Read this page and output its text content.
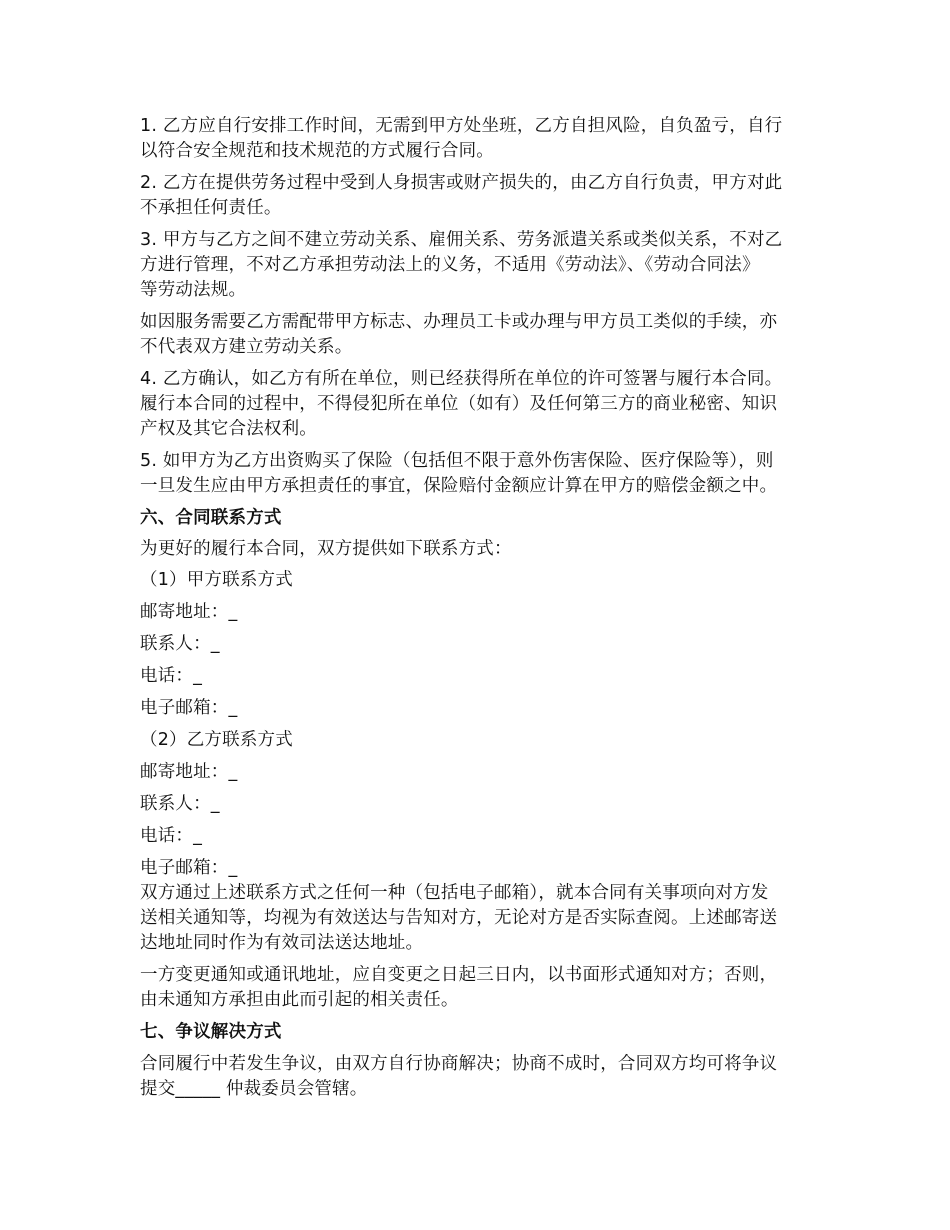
1. 乙方应自行安排工作时间，无需到甲方处坐班，乙方自担风险，自负盈亏，自行
以符合安全规范和技术规范的方式履行合同。
2. 乙方在提供劳务过程中受到人身损害或财产损失的，由乙方自行负责，甲方对此
不承担任何责任。
3. 甲方与乙方之间不建立劳动关系、雇佣关系、劳务派遣关系或类似关系，不对乙
方进行管理，不对乙方承担劳动法上的义务，不适用《劳动法》、《劳动合同法》
等劳动法规。
如因服务需要乙方需配带甲方标志、办理员工卡或办理与甲方员工类似的手续，亦
不代表双方建立劳动关系。
4. 乙方确认，如乙方有所在单位，则已经获得所在单位的许可签署与履行本合同。
履行本合同的过程中，不得侵犯所在单位（如有）及任何第三方的商业秘密、知识
产权及其它合法权利。
5. 如甲方为乙方出资购买了保险（包括但不限于意外伤害保险、医疗保险等），则
一旦发生应由甲方承担责任的事宜，保险赔付金额应计算在甲方的赔偿金额之中。
六、合同联系方式
为更好的履行本合同，双方提供如下联系方式：
（1）甲方联系方式
邮寄地址：_
联系人：_
电话：_
电子邮箱：_
（2）乙方联系方式
邮寄地址：_
联系人：_
电话：_
电子邮箱：_
双方通过上述联系方式之任何一种（包括电子邮箱），就本合同有关事项向对方发
送相关通知等，均视为有效送达与告知对方，无论对方是否实际查阅。上述邮寄送
达地址同时作为有效司法送达地址。
一方变更通知或通讯地址，应自变更之日起三日内，以书面形式通知对方；否则，
由未通知方承担由此而引起的相关责任。
七、争议解决方式
合同履行中若发生争议，由双方自行协商解决；协商不成时，合同双方均可将争议
提交_____ 仲裁委员会管辖。
